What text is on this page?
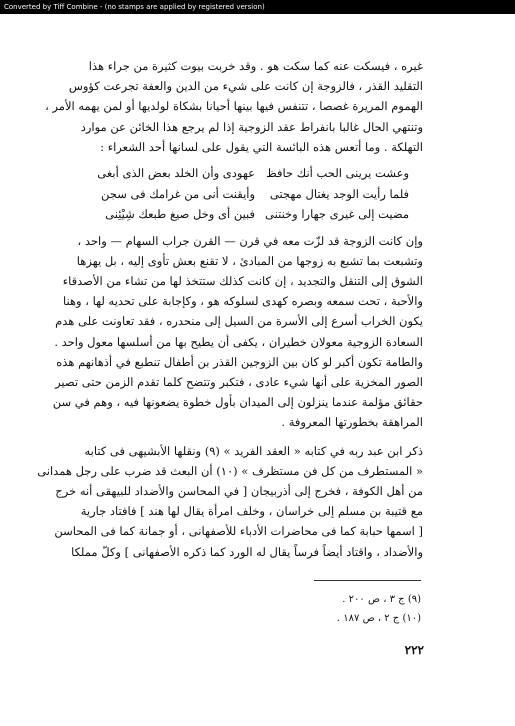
Converted by Tiff Combine - (no stamps are applied by registered version)
غيره ، فيسكت عنه كما سكت هو . وقد خربت بيوت كثيرة من جراء هذا
التقليد القذر ، فالزوجة إن كانت على شيء من الدين والعفة تجرعت كؤوس
الهموم المريرة غصصا ، تتنفس فيها بينها أحيانا بشكاة لولديها أو لمن يهمه الأمر ،
وتنتهي الحال غالبا بانفراط عقد الزوجية إذا لم يرجع هذا الخائن عن موارد
التهلكة . وما أتعس هذه البائسة التي يقول على لسانها أحد الشعراء :
وعشت يرينى الحب أنك حافظ
عهودى وأن الخلد بعض الذى أبغى
فلما رأيت الوجد يغتال مهجتى
وأيقنت أنى من غرامك فى سجن
مضيت إلى غيرى جهارا وخنتنى
فبين أى وخل صيغ طبعك شِيْئِنى
وإن كانت الزوجة قد لزّت معه في قرن — القرن جراب السهام — واحد ،
وتشبعت بما تشبع به زوجها من المبادئ ، لا تقنع بعش تأوى إليه ، بل يهزها
الشوق إلى التنقل والتجديد ، إن كانت كذلك ستتخذ لها من تشاء من الأصدقاء
والأحبة ، تحت سمعه وبصره كهدى لسلوكه هو ، وكإجابة على تحديه لها ، وهنا
يكون الخراب أسرع إلى الأسرة من السيل إلى منحدره ، فقد تعاونت على هدم
السعادة الزوجية معولان خطيران ، يكفى أن يطيح بها من أسلسها معول واحد .
والطامة تكون أكبر لو كان بين الزوجين القذر بن أطفال تنطبع في أذهانهم هذه
الصور المخزية على أنها شيء عادى ، فتكبر وتتضح كلما تقدم الزمن حتى تصير
حقائق مؤلمة عندما ينزلون إلى الميدان بأول خطوة يضعونها فيه ، وهم في سن
المراهقة بخطورتها المعروفة .
ذكر ابن عبد ربه في كتابه « العقد الفريد » (٩) ونقلها الأبشيهى فى كتابه
« المستطرف من كل فن مستظرف » (١٠) أن البعث قد ضرب على رجل همدانى
من أهل الكوفة ، فخرج إلى أذربيجان [ في المحاسن والأضداد للبيهقى أنه خرج
مع قتيبة بن مسلم إلى خراسان ، وخلف امرأة يقال لها هند ] فافتاد جارية
[ اسمها حبابة كما فى محاضرات الأدباء للأصفهانى ، أو جمانة كما فى المحاسن
والأضداد ، واقتاد أيضاً فرساً يقال له الورد كما ذكره الأصفهانى ] وكلّ مملكا
(٩) ج ٣ ، ص ٢٠٠ .
(١٠) ج ٢ ، ص ١٨٧ .
٢٢٢
